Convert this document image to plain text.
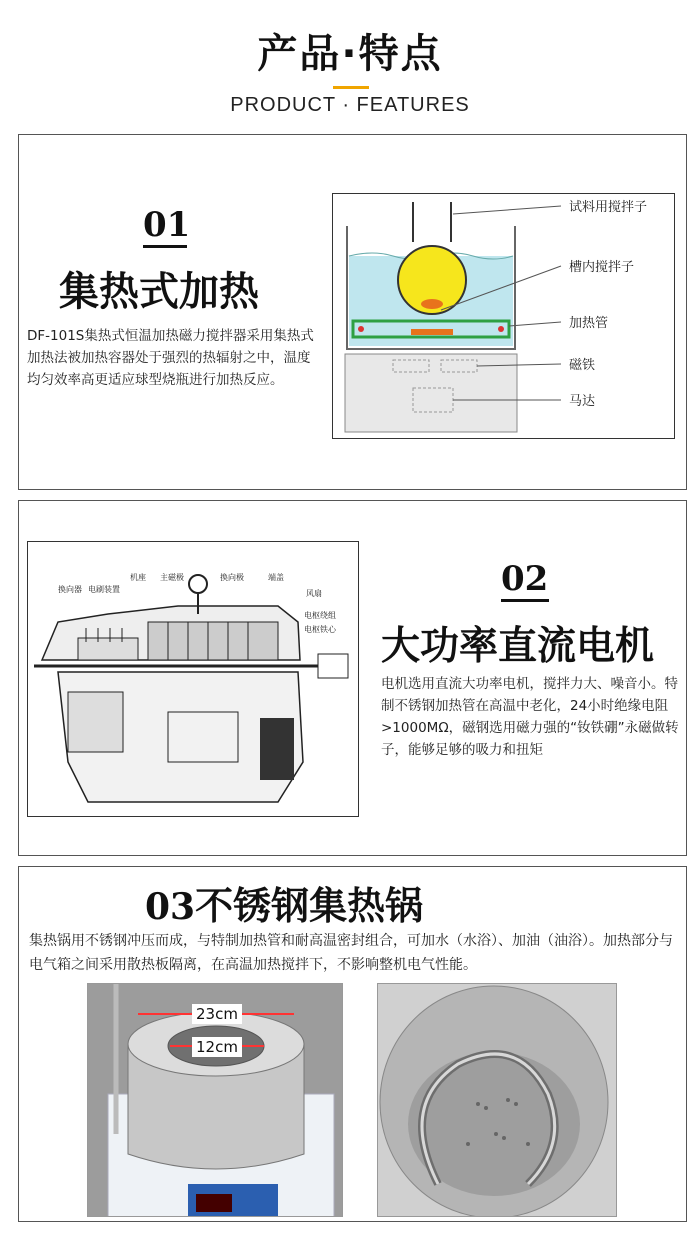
产品·特点
PRODUCT · FEATURES
01
集热式加热
DF-101S集热式恒温加热磁力搅拌器采用集热式加热法被加热容器处于强烈的热辐射之中，温度均匀效率高更适应球型烧瓶进行加热反应。
试料用搅拌子
槽内搅拌子
加热管
磁铁
马达
换向器 电刷装置
机座 主磁极	换向极	端盖
风扇
电枢绕组
电枢铁心
02
大功率直流电机
电机选用直流大功率电机，搅拌力大、噪音小。特制不锈钢加热管在高温中老化，24小时绝缘电阻>1000MΩ，磁钢选用磁力强的“钕铁硼”永磁做转子，能够足够的吸力和扭矩
03不锈钢集热锅
集热锅用不锈钢冲压而成，与特制加热管和耐高温密封组合，可加水（水浴）、加油（油浴）。加热部分与电气箱之间采用散热板隔离，在高温加热搅拌下，不影响整机电气性能。
23cm
12cm
